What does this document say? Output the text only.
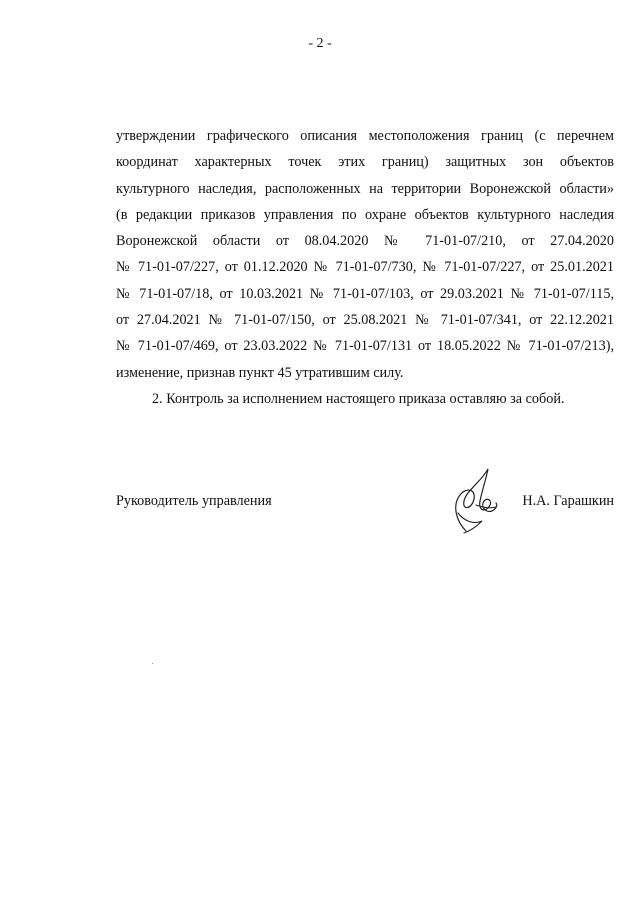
- 2 -
утверждении графического описания местоположения границ (с перечнем
координат характерных точек этих границ) защитных зон объектов
культурного наследия, расположенных на территории Воронежской области»
(в редакции приказов управления по охране объектов культурного наследия
Воронежской области от 08.04.2020 № 71-01-07/210, от 27.04.2020
№ 71-01-07/227, от 01.12.2020 № 71-01-07/730, № 71-01-07/227, от 25.01.2021
№ 71-01-07/18, от 10.03.2021 № 71-01-07/103, от 29.03.2021 № 71-01-07/115,
от 27.04.2021 № 71-01-07/150, от 25.08.2021 № 71-01-07/341, от 22.12.2021
№ 71-01-07/469, от 23.03.2022 № 71-01-07/131 от 18.05.2022 № 71-01-07/213),
изменение, признав пункт 45 утратившим силу.
2. Контроль за исполнением настоящего приказа оставляю за собой.
Руководитель управления	Н.А. Гарашкин
